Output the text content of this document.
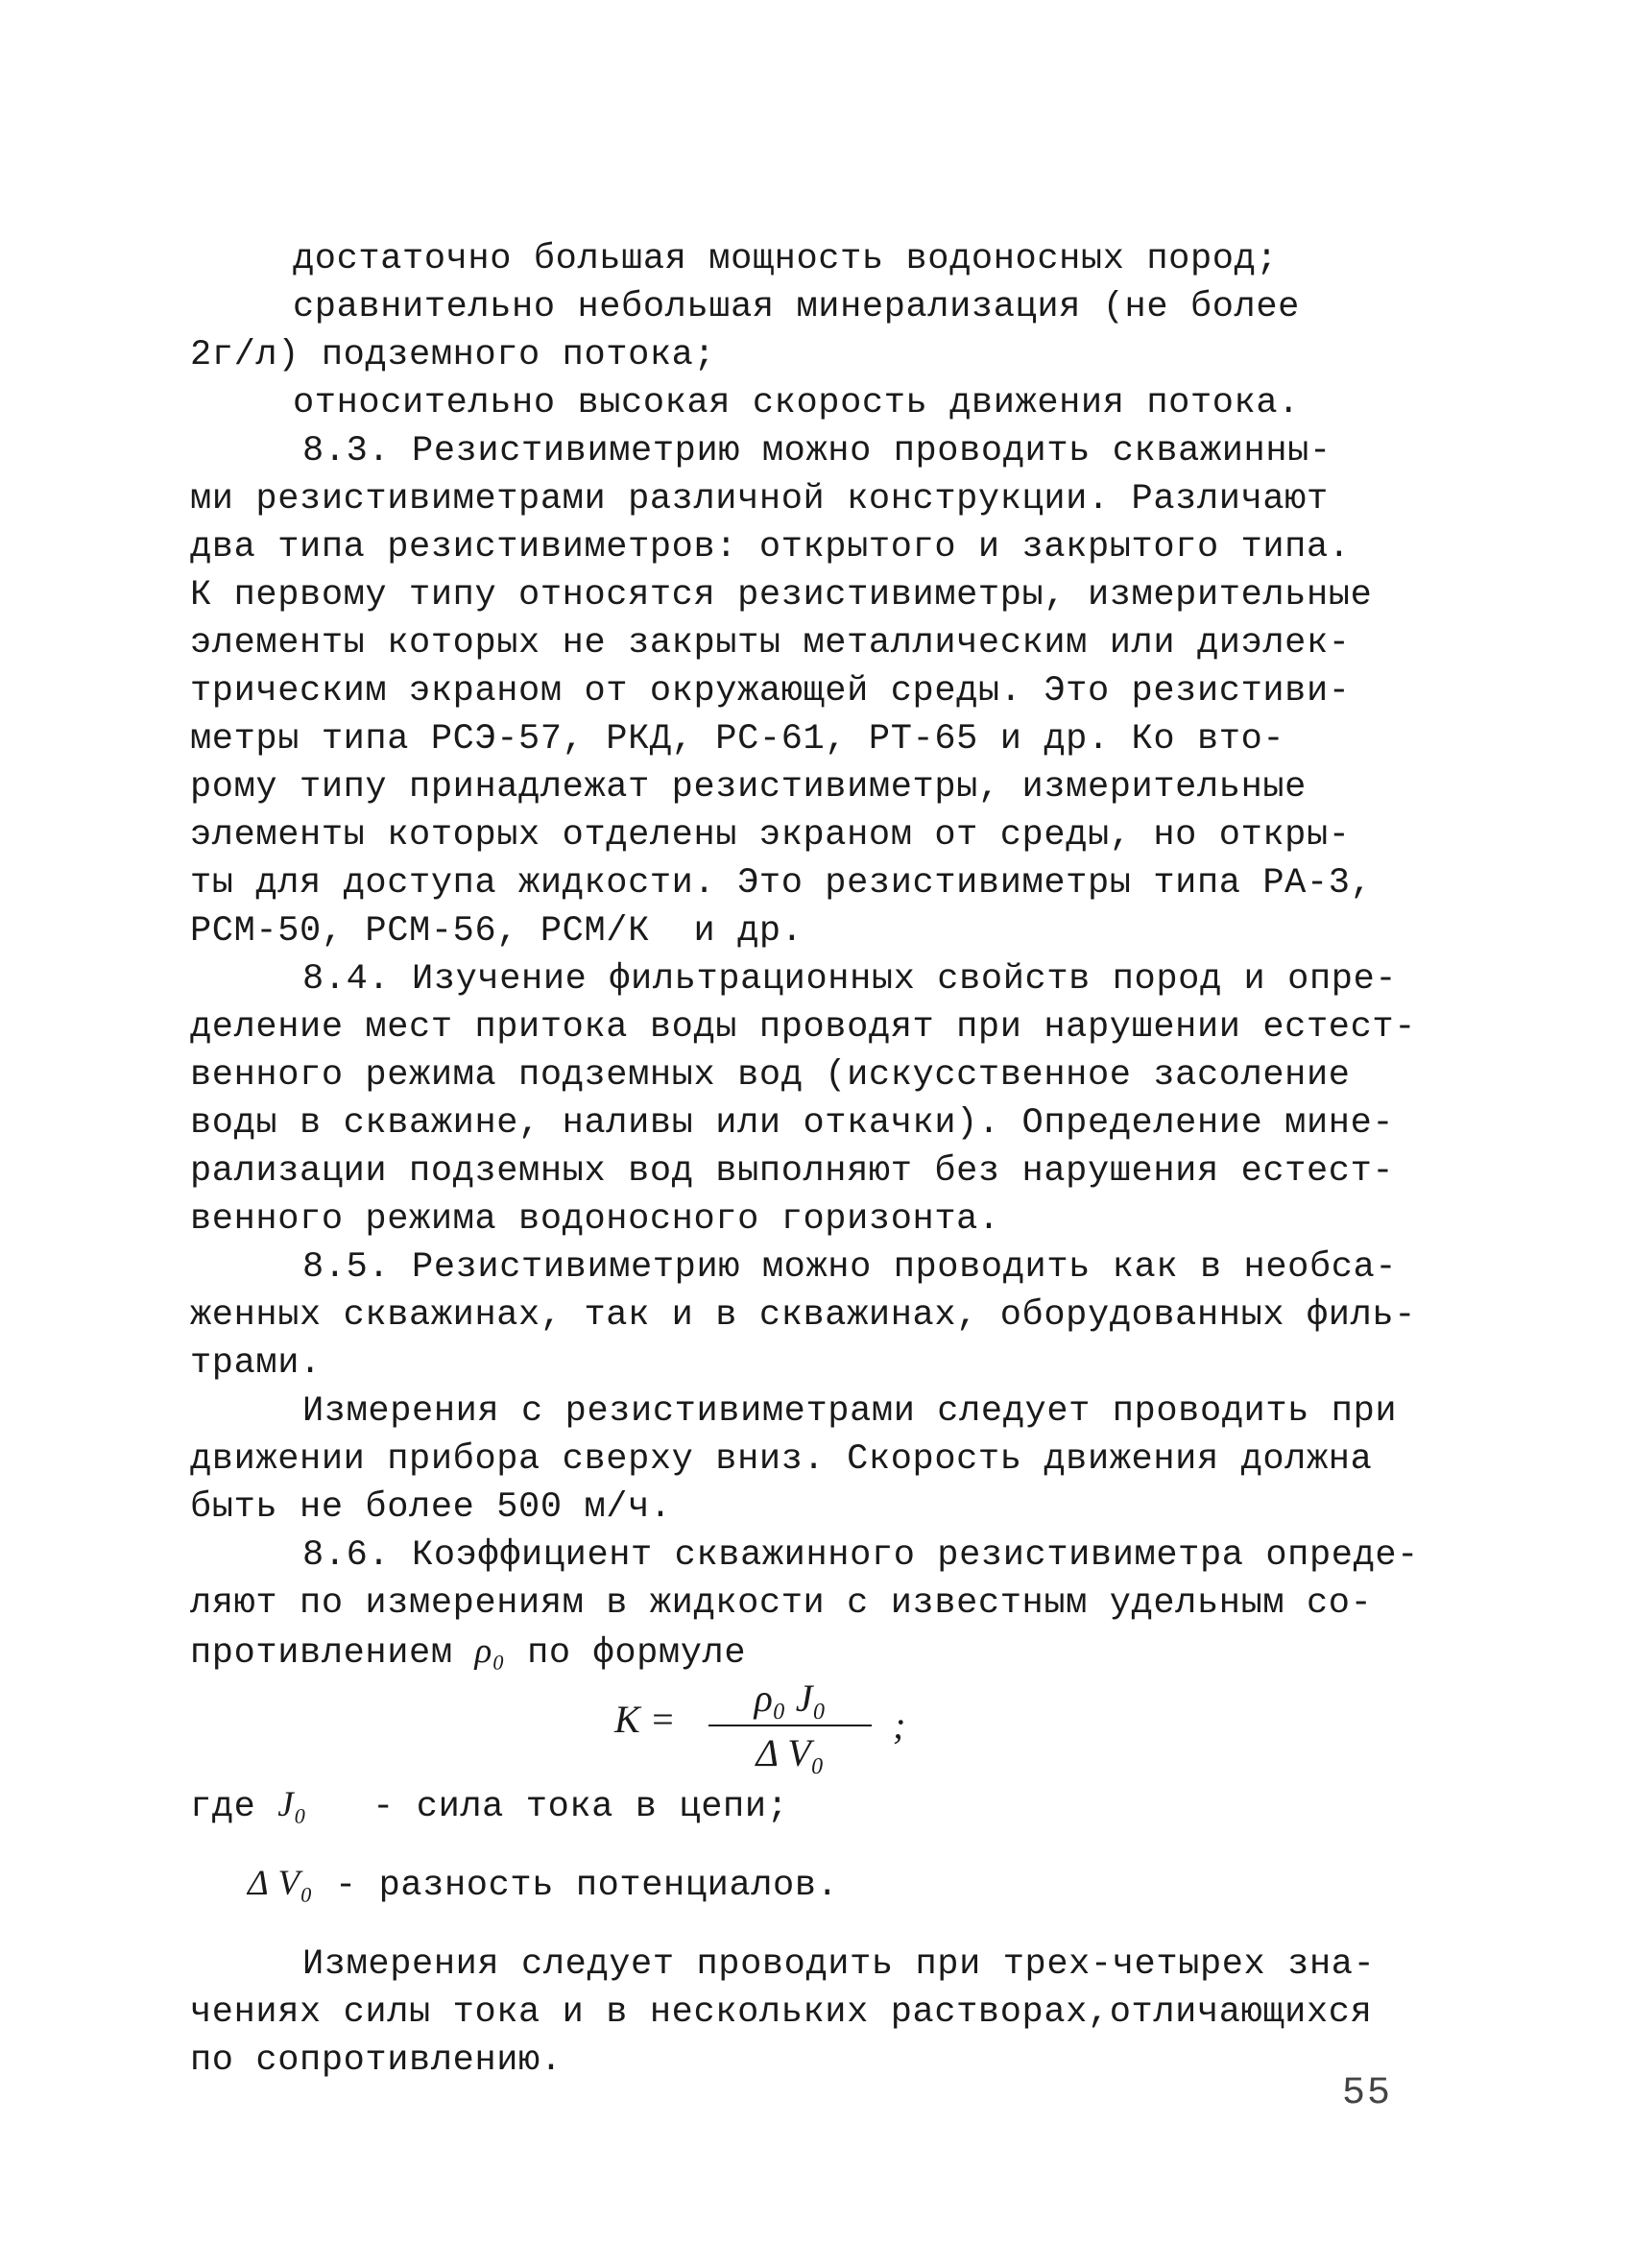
достаточно большая мощность водоносных пород;
сравнительно небольшая минерализация (не более
2г/л) подземного потока;
относительно высокая скорость движения потока.
8.3. Резистивиметрию можно проводить скважинны-
ми резистивиметрами различной конструкции. Различают
два типа резистивиметров: открытого и закрытого типа.
К первому типу относятся резистивиметры, измерительные
элементы которых не закрыты металлическим или диэлек-
трическим экраном от окружающей среды. Это резистиви-
метры типа РСЭ-57, РКД, РС-61, РТ-65 и др. Ко вто-
рому типу принадлежат резистивиметры, измерительные
элементы которых отделены экраном от среды, но откры-
ты для доступа жидкости. Это резистивиметры типа РА-3,
РСМ-50, РСМ-56, РСМ/К  и др.
8.4. Изучение фильтрационных свойств пород и опре-
деление мест притока воды проводят при нарушении естест-
венного режима подземных вод (искусственное засоление
воды в скважине, наливы или откачки). Определение мине-
рализации подземных вод выполняют без нарушения естест-
венного режима водоносного горизонта.
8.5. Резистивиметрию можно проводить как в необса-
женных скважинах, так и в скважинах, оборудованных филь-
трами.
Измерения с резистивиметрами следует проводить при
движении прибора сверху вниз. Скорость движения должна
быть не более 500 м/ч.
8.6. Коэффициент скважинного резистивиметра опреде-
ляют по измерениям в жидкости с известным удельным со-
противлением ρ₀ по формуле
K =	ρ₀ J₀
Δ V₀
;
где J₀ - сила тока в цепи;
Δ V₀ - разность потенциалов.
Измерения следует проводить при трех-четырех зна-
чениях силы тока и в нескольких растворах,отличающихся
по сопротивлению.
55
